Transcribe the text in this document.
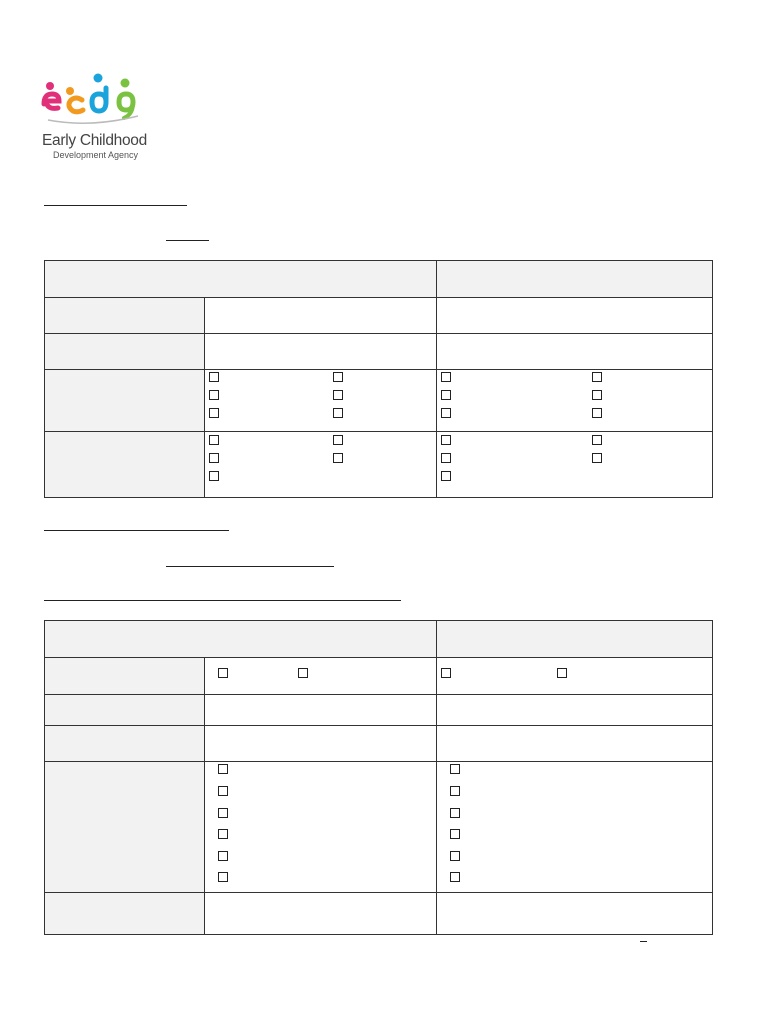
Early Childhood
Development Agency
